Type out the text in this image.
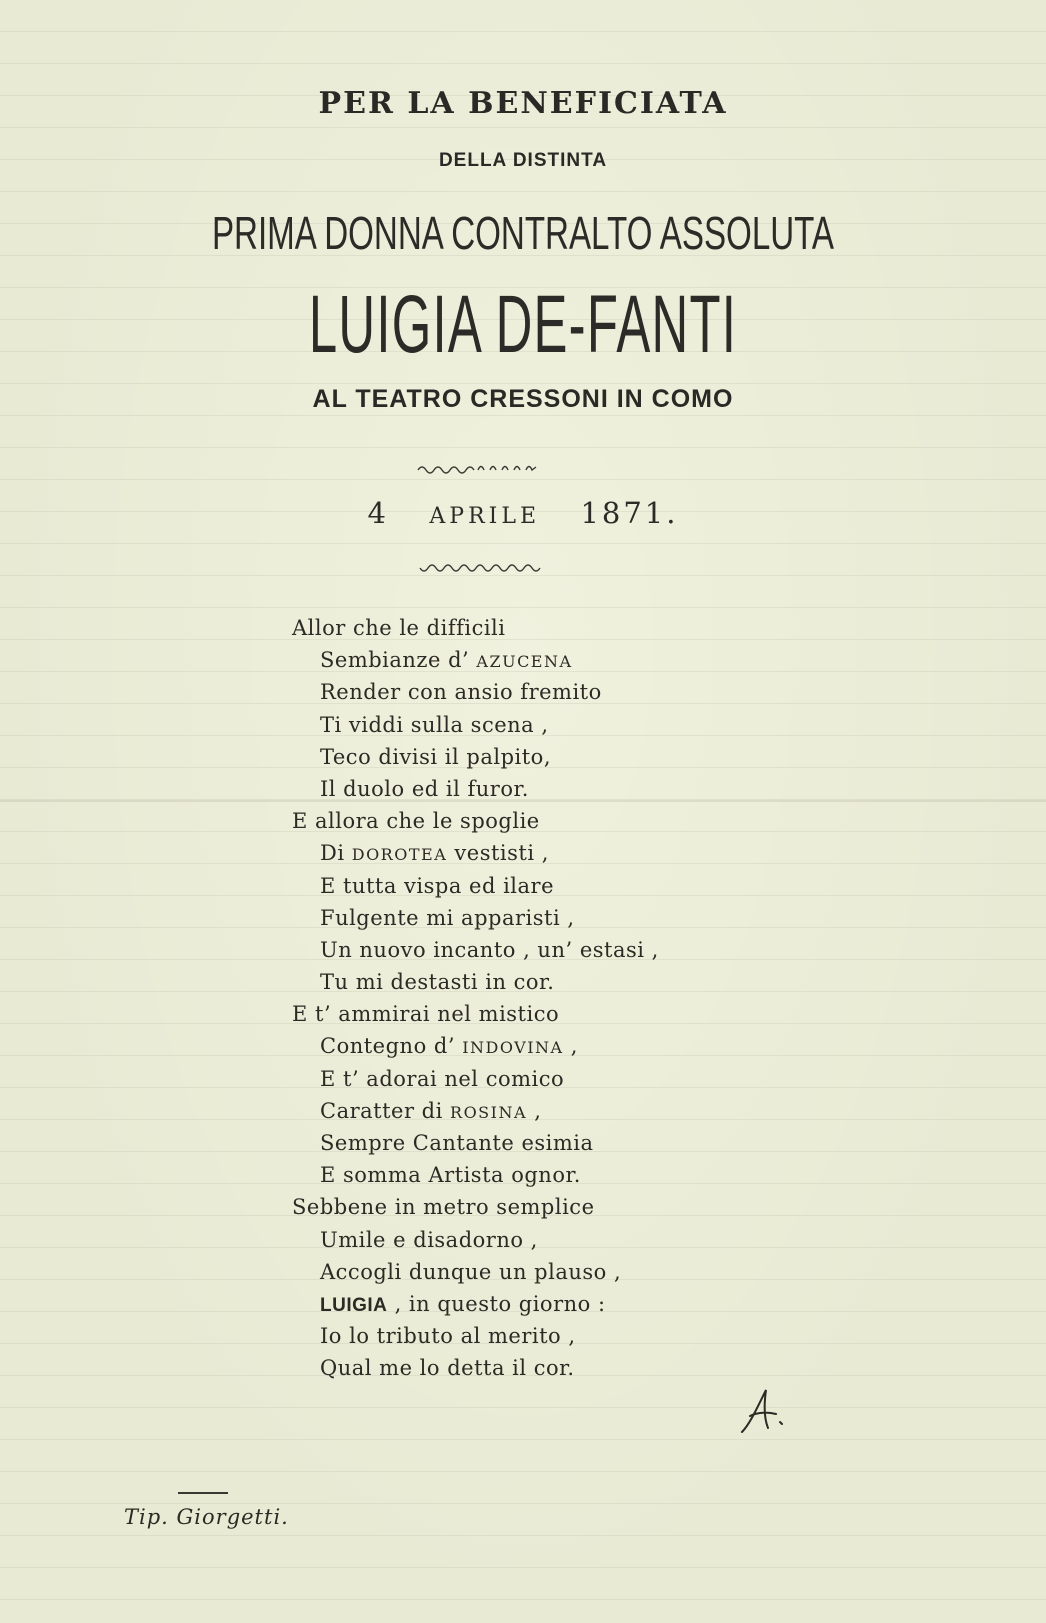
PER LA BENEFICIATA
DELLA DISTINTA
PRIMA DONNA CONTRALTO ASSOLUTA
LUIGIA DE-FANTI
AL TEATRO CRESSONI IN COMO
4 APRILE 1871.
Allor che le difficili
Sembianze d’ AZUCENA
Render con ansio fremito
Ti viddi sulla scena ,
Teco divisi il palpito,
Il duolo ed il furor.
E allora che le spoglie
Di DOROTEA vestisti ,
E tutta vispa ed ilare
Fulgente mi apparisti ,
Un nuovo incanto , un’ estasi ,
Tu mi destasti in cor.
E t’ ammirai nel mistico
Contegno d’ INDOVINA ,
E t’ adorai nel comico
Caratter di ROSINA ,
Sempre Cantante esimia
E somma Artista ognor.
Sebbene in metro semplice
Umile e disadorno ,
Accogli dunque un plauso ,
LUIGIA , in questo giorno :
Io lo tributo al merito ,
Qual me lo detta il cor.
Tip. Giorgetti.
